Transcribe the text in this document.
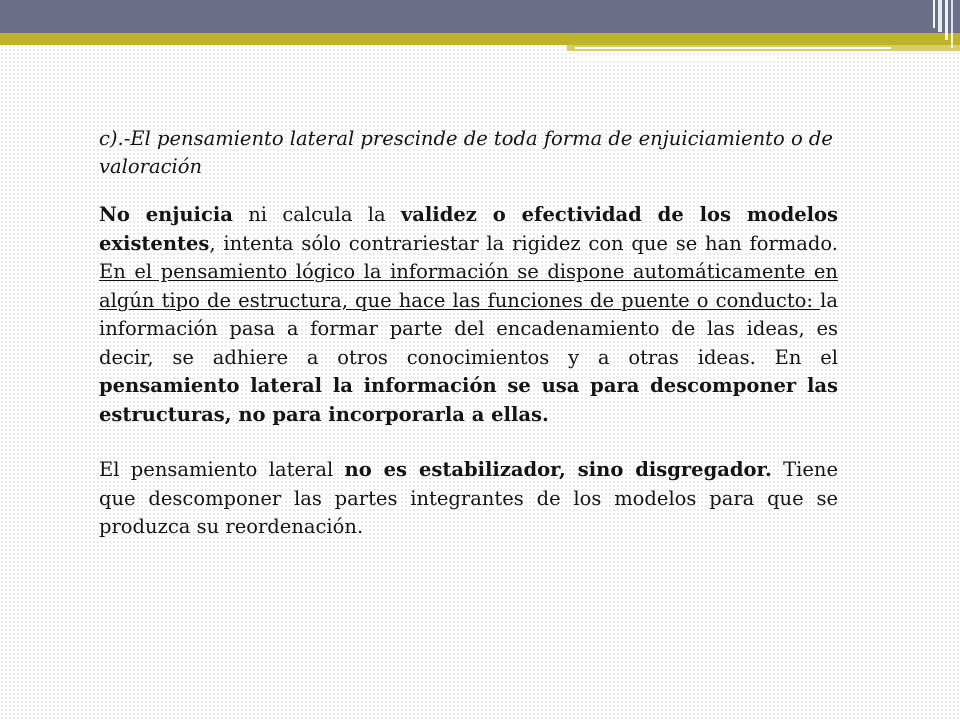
c).-El pensamiento lateral prescinde de toda forma de enjuiciamiento o de valoración

No enjuicia ni calcula la validez o efectividad de los modelos existentes, intenta sólo contrariestar la rigidez con que se han formado. En el pensamiento lógico la información se dispone automáticamente en algún tipo de estructura, que hace las funciones de puente o conducto: la información pasa a formar parte del encadenamiento de las ideas, es decir, se adhiere a otros conocimientos y a otras ideas. En el pensamiento lateral la información se usa para descomponer las estructuras, no para incorporarla a ellas.

El pensamiento lateral no es estabilizador, sino disgregador. Tiene que descomponer las partes integrantes de los modelos para que se produzca su reordenación.
